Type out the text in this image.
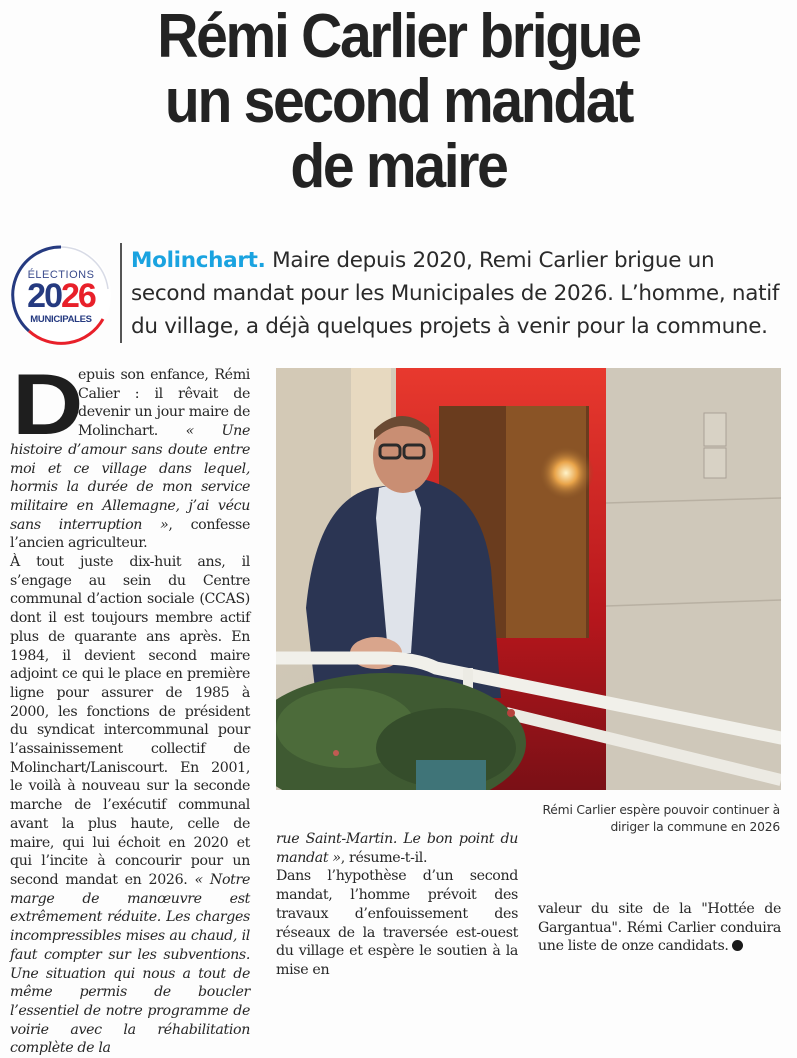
Rémi Carlier brigue
un second mandat
de maire
ÉLECTIONS
2026
MUNICIPALES
Molinchart. Maire depuis 2020, Remi Carlier brigue un second mandat pour les Municipales de 2026. L’homme, natif du village, a déjà quelques projets à venir pour la commune.
D

epuis son enfance, Rémi Calier : il rêvait de devenir un jour maire de Molinchart. « Une histoire d’amour sans doute entre moi et ce village dans lequel, hormis la durée de mon service militaire en Allemagne, j’ai vécu sans interruption », confesse l’ancien agriculteur.

À tout juste dix-huit ans, il s’engage au sein du Centre communal d’action sociale (CCAS) dont il est toujours membre actif plus de quarante ans après. En 1984, il devient second maire adjoint ce qui le place en première ligne pour assurer de 1985 à 2000, les fonctions de président du syndicat intercommunal pour l’assainissement collectif de Molinchart/Laniscourt. En 2001, le voilà à nouveau sur la seconde marche de l’exécutif communal avant la plus haute, celle de maire, qui lui échoit en 2020 et qui l’incite à concourir pour un second mandat en 2026. « Notre marge de manœuvre est extrêmement réduite. Les charges incompressibles mises au chaud, il faut compter sur les subventions. Une situation qui nous a tout de même permis de boucler l’essentiel de notre programme de voirie avec la réhabilitation complète de la

Rémi Carlier espère pouvoir continuer à diriger la commune en 2026

rue Saint-Martin. Le bon point du mandat », résume-t-il.

Dans l’hypothèse d’un second mandat, l’homme prévoit des travaux d’enfouissement des réseaux de la traversée est-ouest du village et espère le soutien à la mise en

valeur du site de la "Hottée de Gargantua". Rémi Carlier conduira une liste de onze candidats.
